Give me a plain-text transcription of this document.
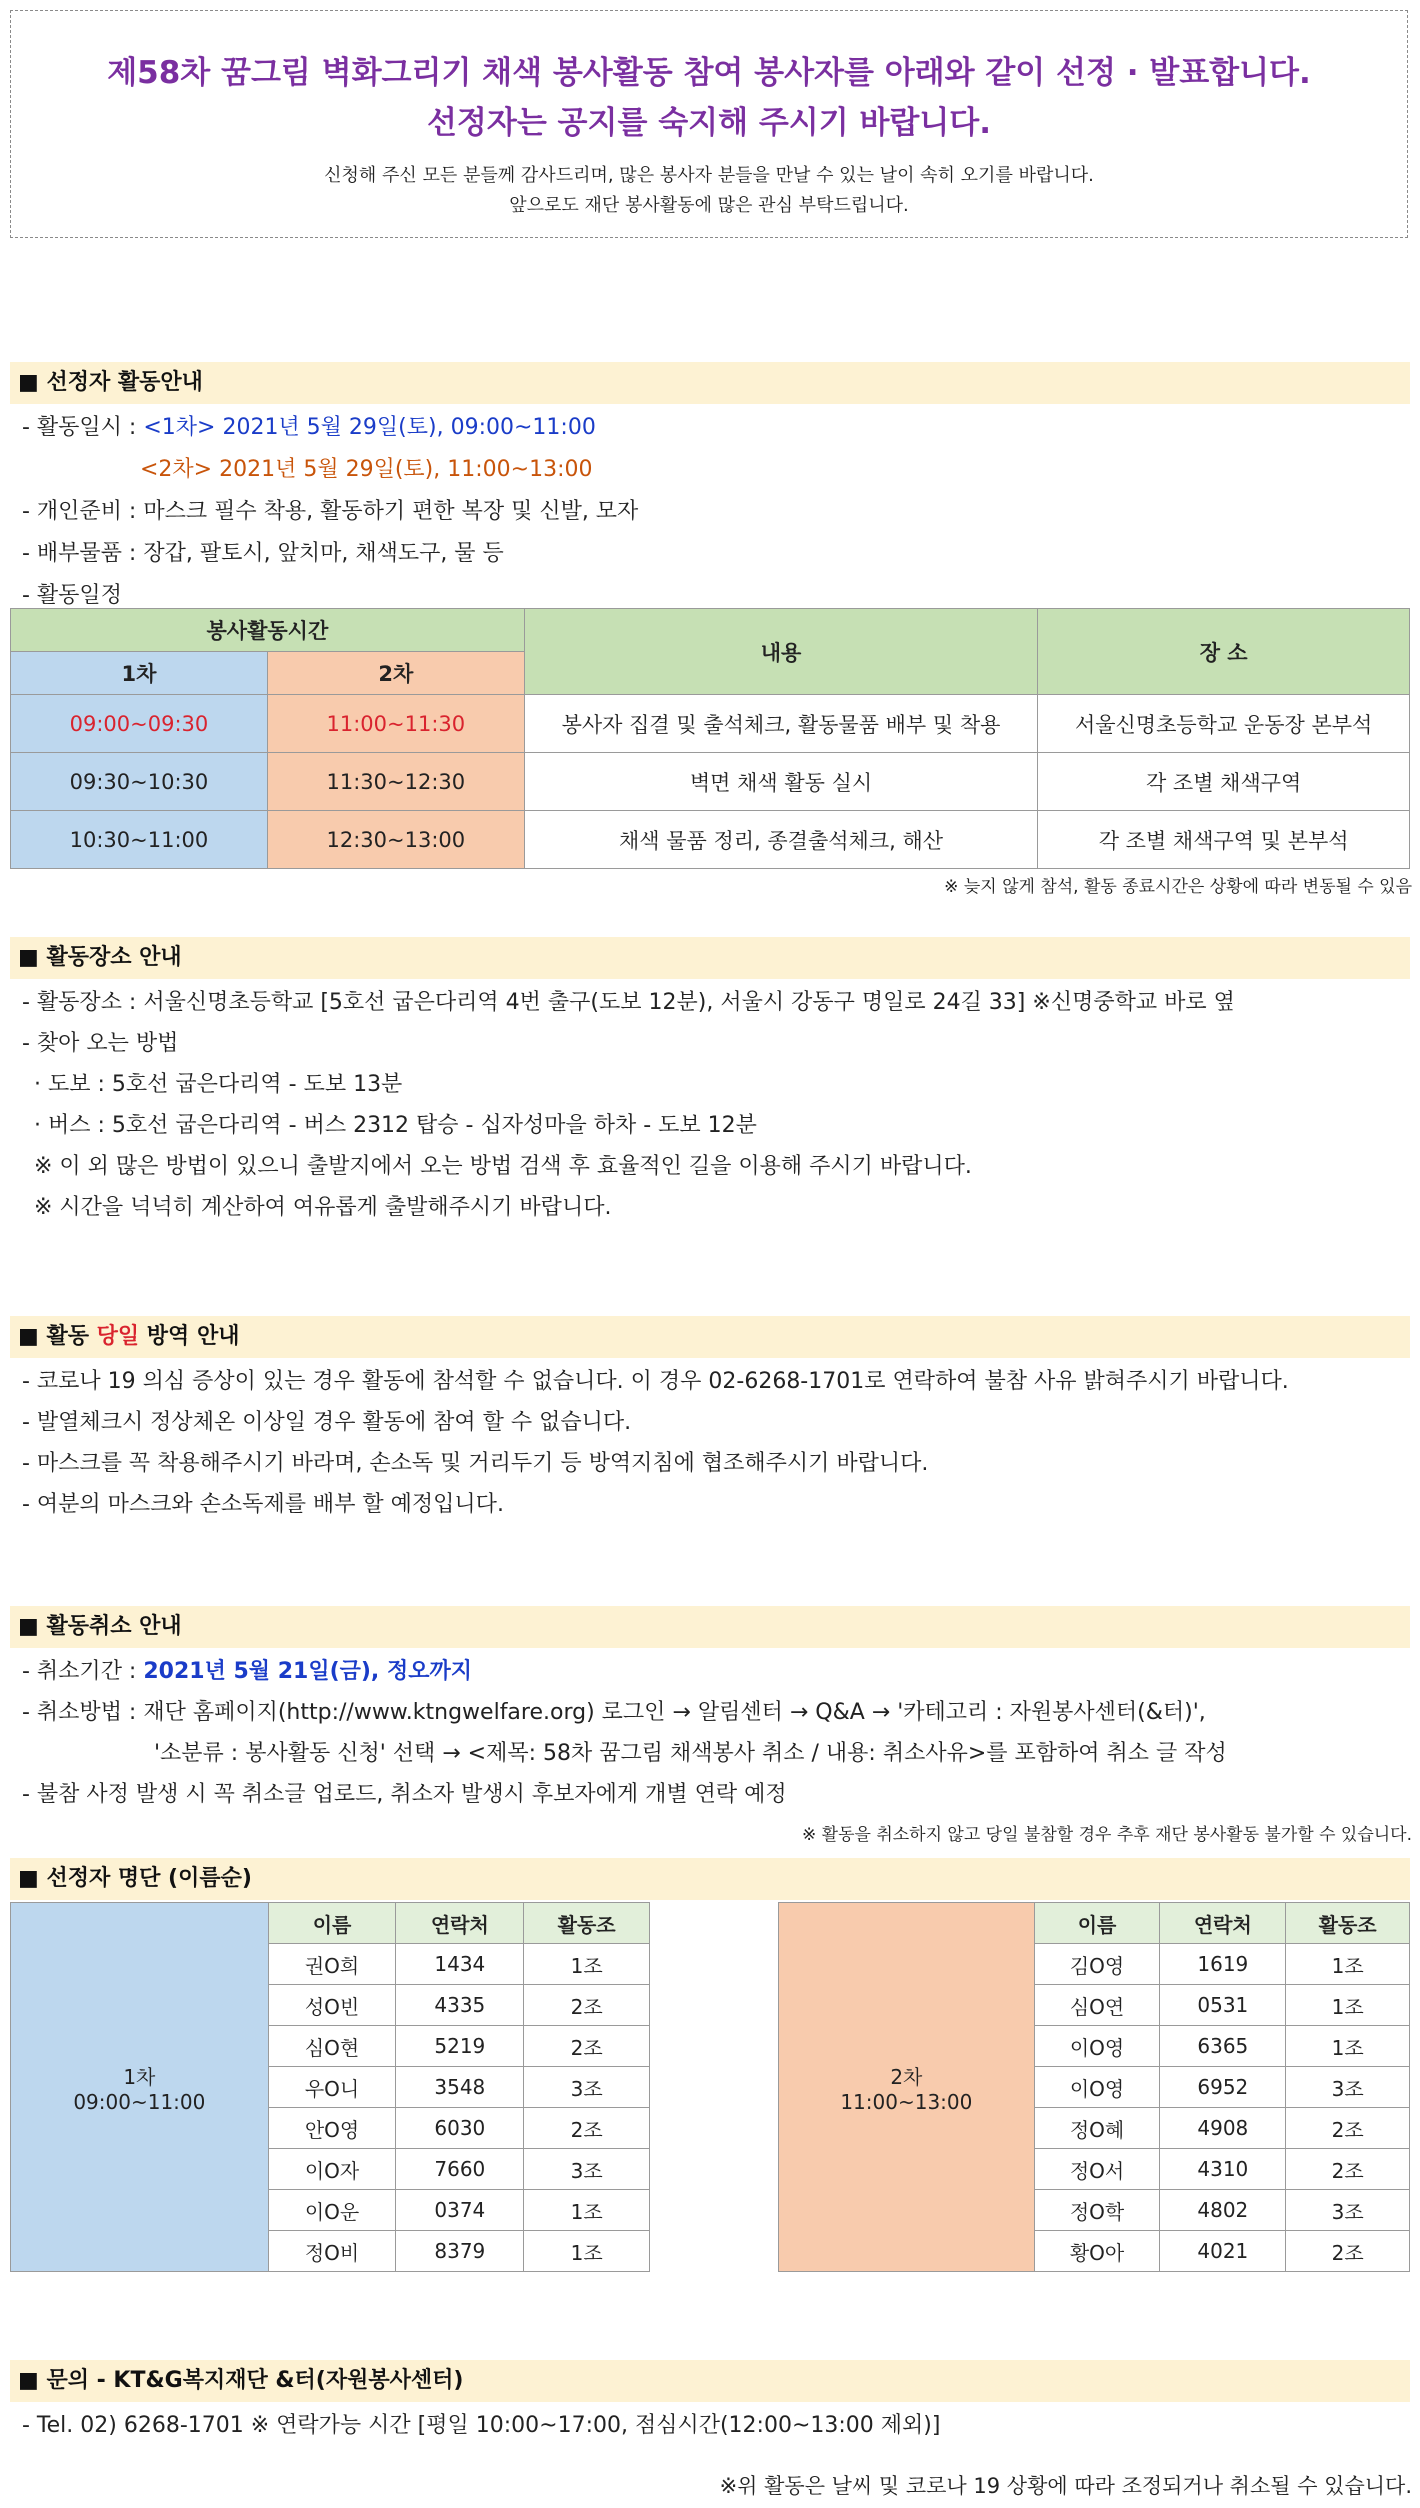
제58차 꿈그림 벽화그리기 채색 봉사활동 참여 봉사자를 아래와 같이 선정 · 발표합니다.
선정자는 공지를 숙지해 주시기 바랍니다.
신청해 주신 모든 분들께 감사드리며, 많은 봉사자 분들을 만날 수 있는 날이 속히 오기를 바랍니다.
앞으로도 재단 봉사활동에 많은 관심 부탁드립니다.
■ 선정자 활동안내
- 활동일시 : <1차> 2021년 5월 29일(토), 09:00~11:00
<2차> 2021년 5월 29일(토), 11:00~13:00
- 개인준비 : 마스크 필수 착용, 활동하기 편한 복장 및 신발, 모자
- 배부물품 : 장갑, 팔토시, 앞치마, 채색도구, 물 등
- 활동일정
봉사활동시간		내용	장 소
1차	2차		
09:00~09:30	11:00~11:30	봉사자 집결 및 출석체크, 활동물품 배부 및 착용	서울신명초등학교 운동장 본부석
09:30~10:30	11:30~12:30	벽면 채색 활동 실시	각 조별 채색구역
10:30~11:00	12:30~13:00	채색 물품 정리, 종결출석체크, 해산	각 조별 채색구역 및 본부석
※ 늦지 않게 참석, 활동 종료시간은 상황에 따라 변동될 수 있음
■ 활동장소 안내
- 활동장소 : 서울신명초등학교 [5호선 굽은다리역 4번 출구(도보 12분), 서울시 강동구 명일로 24길 33] ※신명중학교 바로 옆
- 찾아 오는 방법
· 도보 : 5호선 굽은다리역 - 도보 13분
· 버스 : 5호선 굽은다리역 - 버스 2312 탑승 - 십자성마을 하차 - 도보 12분
※ 이 외 많은 방법이 있으니 출발지에서 오는 방법 검색 후 효율적인 길을 이용해 주시기 바랍니다.
※ 시간을 넉넉히 계산하여 여유롭게 출발해주시기 바랍니다.
■ 활동 당일 방역 안내
- 코로나 19 의심 증상이 있는 경우 활동에 참석할 수 없습니다. 이 경우 02-6268-1701로 연락하여 불참 사유 밝혀주시기 바랍니다.
- 발열체크시 정상체온 이상일 경우 활동에 참여 할 수 없습니다.
- 마스크를 꼭 착용해주시기 바라며, 손소독 및 거리두기 등 방역지침에 협조해주시기 바랍니다.
- 여분의 마스크와 손소독제를 배부 할 예정입니다.
■ 활동취소 안내
- 취소기간 : 2021년 5월 21일(금), 정오까지
- 취소방법 : 재단 홈페이지(http://www.ktngwelfare.org) 로그인 → 알림센터 → Q&A → '카테고리 : 자원봉사센터(&터)',
'소분류 : 봉사활동 신청' 선택 → <제목: 58차 꿈그림 채색봉사 취소 / 내용: 취소사유>를 포함하여 취소 글 작성
- 불참 사정 발생 시 꼭 취소글 업로드, 취소자 발생시 후보자에게 개별 연락 예정
※ 활동을 취소하지 않고 당일 불참할 경우 추후 재단 봉사활동 불가할 수 있습니다.
■ 선정자 명단 (이름순)
1차
09:00~11:00	이름	연락처	활동조
	권O희	1434	1조
	성O빈	4335	2조
	심O현	5219	2조
	우O니	3548	3조
	안O영	6030	2조
	이O자	7660	3조
	이O운	0374	1조
	정O비	8379	1조
2차
11:00~13:00	이름	연락처	활동조
	김O영	1619	1조
	심O연	0531	1조
	이O영	6365	1조
	이O영	6952	3조
	정O혜	4908	2조
	정O서	4310	2조
	정O학	4802	3조
	황O아	4021	2조
■ 문의 - KT&G복지재단 &터(자원봉사센터)
- Tel. 02) 6268-1701 ※ 연락가능 시간 [평일 10:00~17:00, 점심시간(12:00~13:00 제외)]
※위 활동은 날씨 및 코로나 19 상황에 따라 조정되거나 취소될 수 있습니다.
